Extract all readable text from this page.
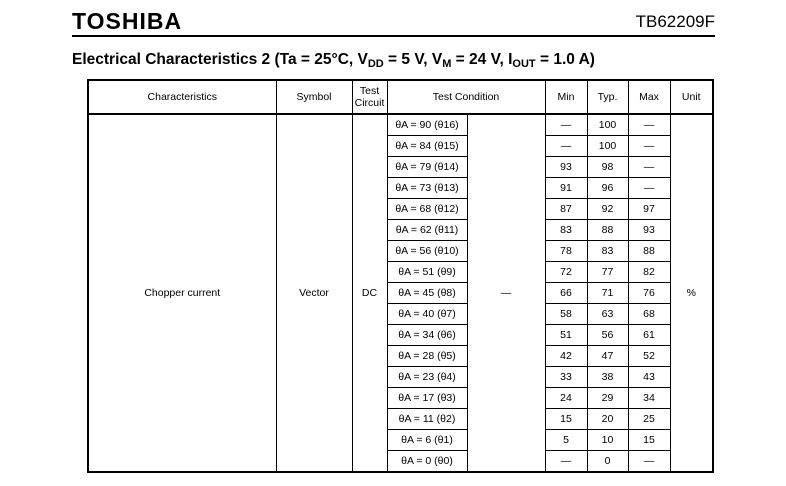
TOSHIBA	TB62209F
Electrical Characteristics 2 (Ta = 25°C, $V_{DD} = 5$ V, $V_M = 24$ V, $I_{OUT} = 1.0$ A)
Characteristics	Symbol	Test
Circuit	Test Condition		Min	Typ.	Max	Unit
Chopper current	Vector	DC	θA = 90 (θ16)	—	—	100	—	%
			θA = 84 (θ15)		—	100	—	
			θA = 79 (θ14)		93	98	—	
			θA = 73 (θ13)		91	96	—	
			θA = 68 (θ12)		87	92	97	
			θA = 62 (θ11)		83	88	93	
			θA = 56 (θ10)		78	83	88	
			θA = 51 (θ9)		72	77	82	
			θA = 45 (θ8)		66	71	76	
			θA = 40 (θ7)		58	63	68	
			θA = 34 (θ6)		51	56	61	
			θA = 28 (θ5)		42	47	52	
			θA = 23 (θ4)		33	38	43	
			θA = 17 (θ3)		24	29	34	
			θA = 11 (θ2)		15	20	25	
			θA = 6 (θ1)		5	10	15	
			θA = 0 (θ0)		—	0	—	
